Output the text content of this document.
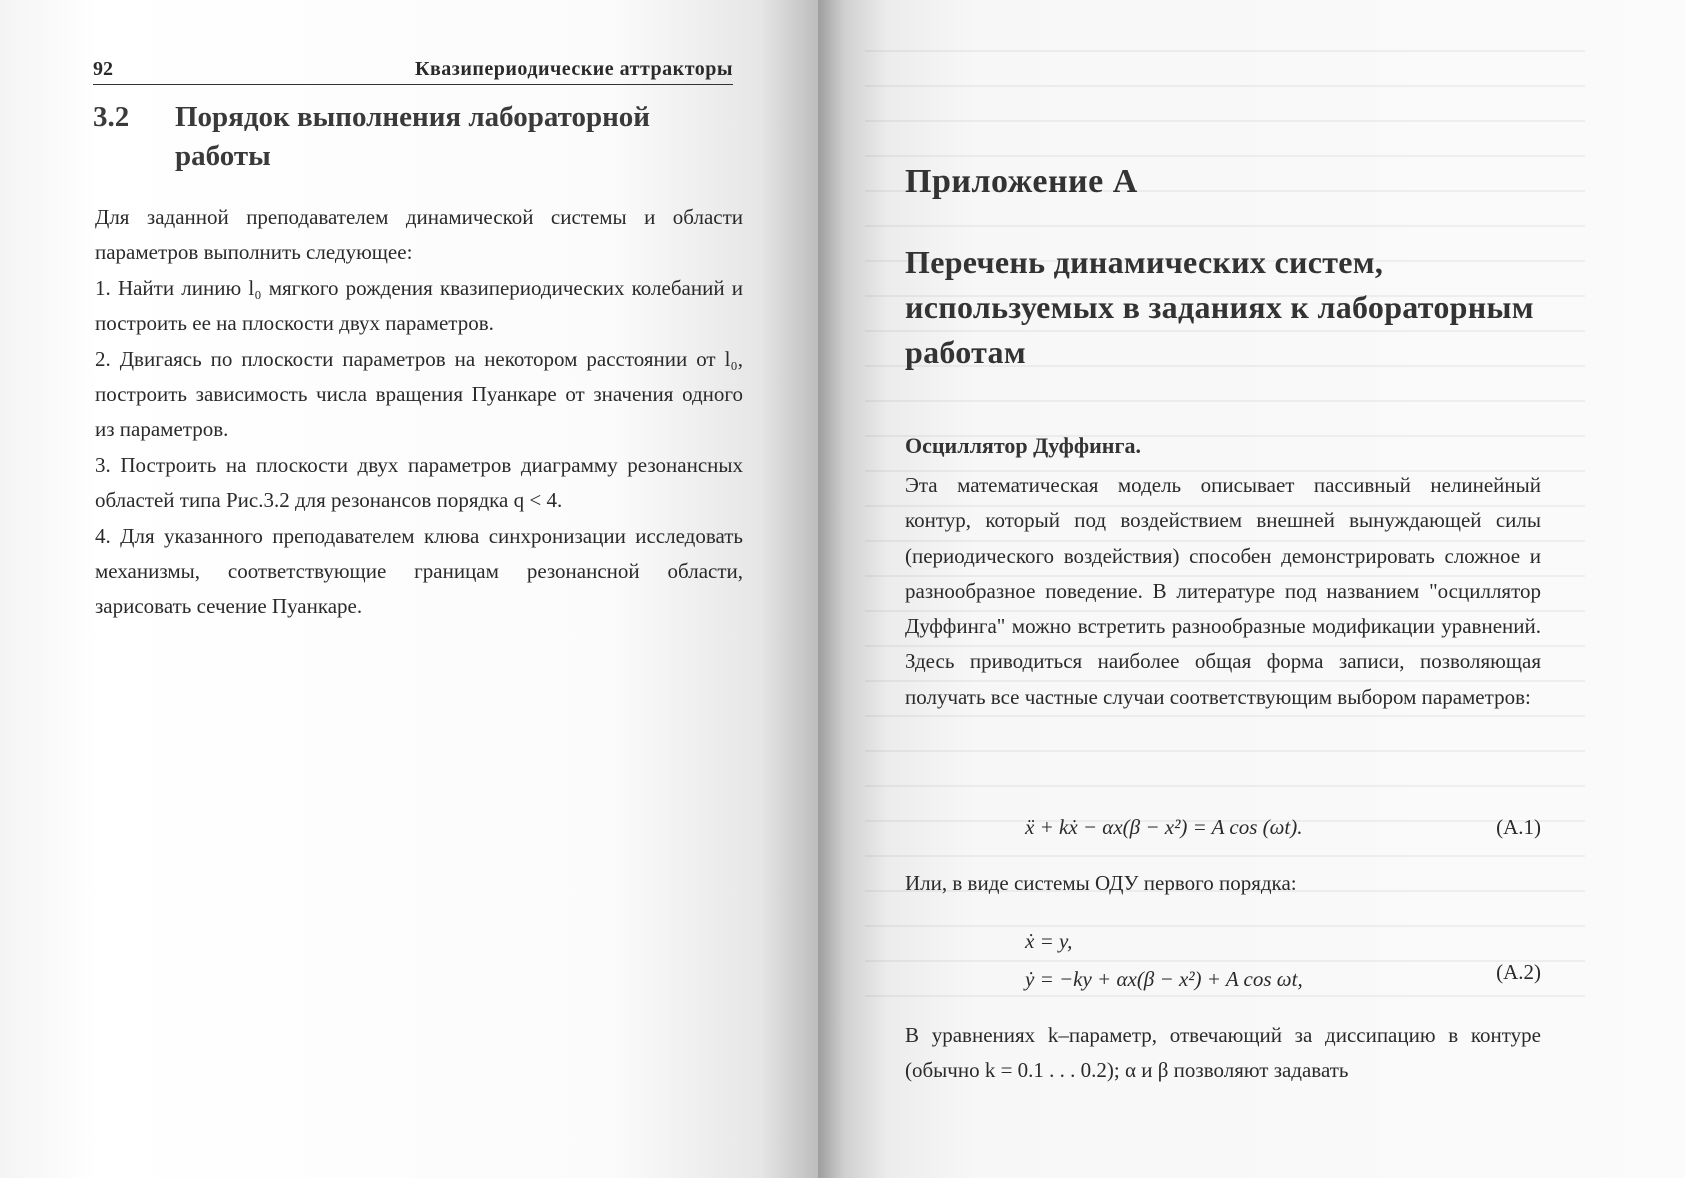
92	Квазипериодические аттракторы
3.2	Порядок выполнения лабораторной работы

Для заданной преподавателем динамической системы и области параметров выполнить следующее:

1. Найти линию l₀ мягкого рождения квазипериодических колебаний и построить ее на плоскости двух параметров.

2. Двигаясь по плоскости параметров на некотором расстоянии от l₀, построить зависимость числа вращения Пуанкаре от значения одного из параметров.

3. Построить на плоскости двух параметров диаграмму резонансных областей типа Рис.3.2 для резонансов порядка q < 4.

4. Для указанного преподавателем клюва синхронизации исследовать механизмы, соответствующие границам резонансной области, зарисовать сечение Пуанкаре.

Приложение А
Перечень динамических систем, используемых в заданиях к лабораторным работам
Осциллятор Дуффинга.

Эта математическая модель описывает пассивный нелинейный контур, который под воздействием внешней вынуждающей силы (периодического воздействия) способен демонстрировать сложное и разнообразное поведение. В литературе под названием "осциллятор Дуффинга" можно встретить разнообразные модификации уравнений. Здесь приводиться наиболее общая форма записи, позволяющая получать все частные случаи соответствующим выбором параметров:

ẍ + kẋ − αx(β − x²) = A cos (ωt).	(A.1)

Или, в виде системы ОДУ первого порядка:

ẋ = y,
ẏ = −ky + αx(β − x²) + A cos ωt,	(A.2)

В уравнениях k–параметр, отвечающий за диссипацию в контуре (обычно k = 0.1 . . . 0.2); α и β позволяют задавать
